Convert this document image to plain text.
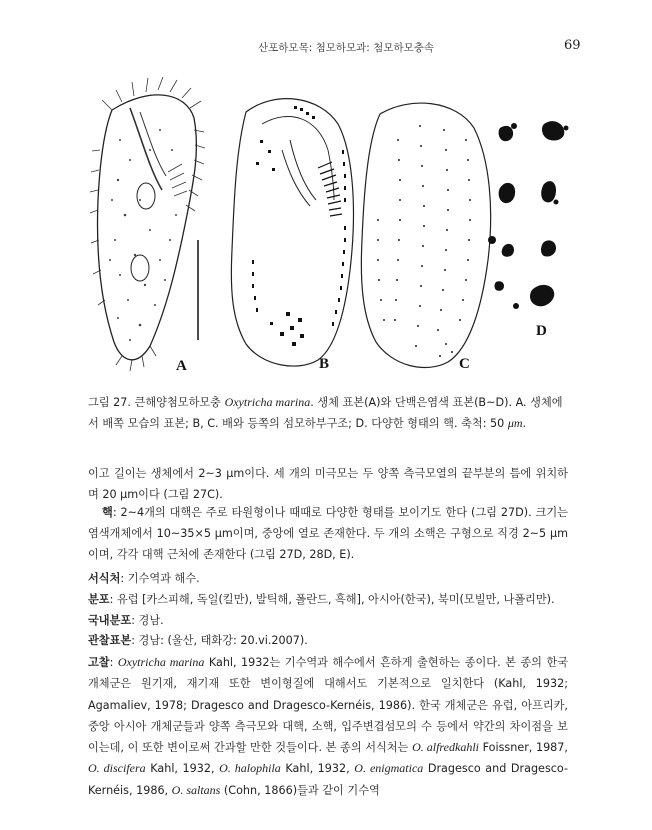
산포하모목: 첨모하모과: 첨모하모충속	69
A	B	C
D
그림 27. 큰해양첨모하모충 Oxytricha marina. 생체 표본(A)와 단백은염색 표본(B~D). A. 생체에서 배쪽 모습의 표본; B, C. 배와 등쪽의 섬모하부구조; D. 다양한 형태의 핵. 축척: 50 μm.

이고 길이는 생체에서 2~3 μm이다. 세 개의 미극모는 두 양쪽 측극모열의 끝부분의 틈에 위치하며 20 μm이다 (그림 27C).

핵: 2~4개의 대핵은 주로 타원형이나 때때로 다양한 형태를 보이기도 한다 (그림 27D). 크기는 염색개체에서 10~35×5 μm이며, 중앙에 열로 존재한다. 두 개의 소핵은 구형으로 직경 2~5 μm이며, 각각 대핵 근처에 존재한다 (그림 27D, 28D, E).

서식처: 기수역과 해수.

분포: 유럽 [카스피해, 독일(킬만), 발틱해, 폴란드, 흑해], 아시아(한국), 북미(모빌만, 나폴리만).

국내분포: 경남.

관찰표본: 경남: (울산, 태화강: 20.vi.2007).

고찰: Oxytricha marina Kahl, 1932는 기수역과 해수에서 흔하게 출현하는 종이다. 본 종의 한국 개체군은 원기재, 재기재 또한 변이형질에 대해서도 기본적으로 일치한다 (Kahl, 1932; Agamaliev, 1978; Dragesco and Dragesco-Kernéis, 1986). 한국 개체군은 유럽, 아프리카, 중앙 아시아 개체군들과 양쪽 측극모와 대핵, 소핵, 입주변겹섬모의 수 등에서 약간의 차이점을 보이는데, 이 또한 변이로써 간과할 만한 것들이다. 본 종의 서식처는 O. alfredkahli Foissner, 1987, O. discifera Kahl, 1932, O. halophila Kahl, 1932, O. enigmatica Dragesco and Dragesco-Kernéis, 1986, O. saltans (Cohn, 1866)들과 같이 기수역
